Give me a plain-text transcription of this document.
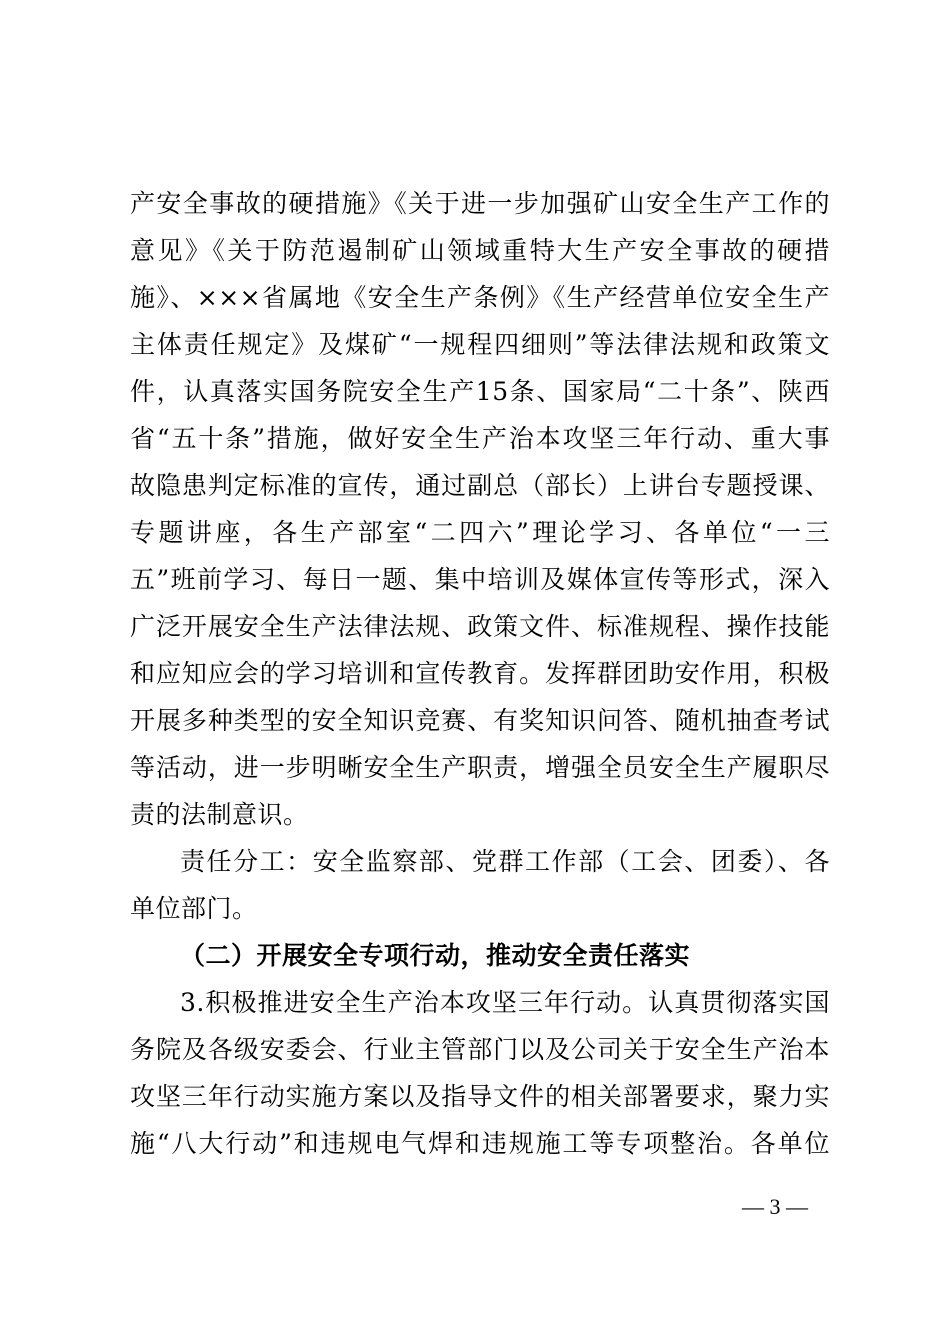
产安全事故的硬措施》《关于进一步加强矿山安全生产工作的
意见》《关于防范遏制矿山领域重特大生产安全事故的硬措
施》、×××省属地《安全生产条例》《生产经营单位安全生产
主体责任规定》及煤矿“一规程四细则”等法律法规和政策文
件，认真落实国务院安全生产15条、国家局“二十条”、陕西
省“五十条”措施，做好安全生产治本攻坚三年行动、重大事
故隐患判定标准的宣传，通过副总（部长）上讲台专题授课、
专题讲座，各生产部室“二四六”理论学习、各单位“一三
五”班前学习、每日一题、集中培训及媒体宣传等形式，深入
广泛开展安全生产法律法规、政策文件、标准规程、操作技能
和应知应会的学习培训和宣传教育。发挥群团助安作用，积极
开展多种类型的安全知识竞赛、有奖知识问答、随机抽查考试
等活动，进一步明晰安全生产职责，增强全员安全生产履职尽
责的法制意识。
责任分工：安全监察部、党群工作部（工会、团委）、各
单位部门。
（二）开展安全专项行动，推动安全责任落实
3.积极推进安全生产治本攻坚三年行动。认真贯彻落实国
务院及各级安委会、行业主管部门以及公司关于安全生产治本
攻坚三年行动实施方案以及指导文件的相关部署要求，聚力实
施“八大行动”和违规电气焊和违规施工等专项整治。各单位
— 3 —
